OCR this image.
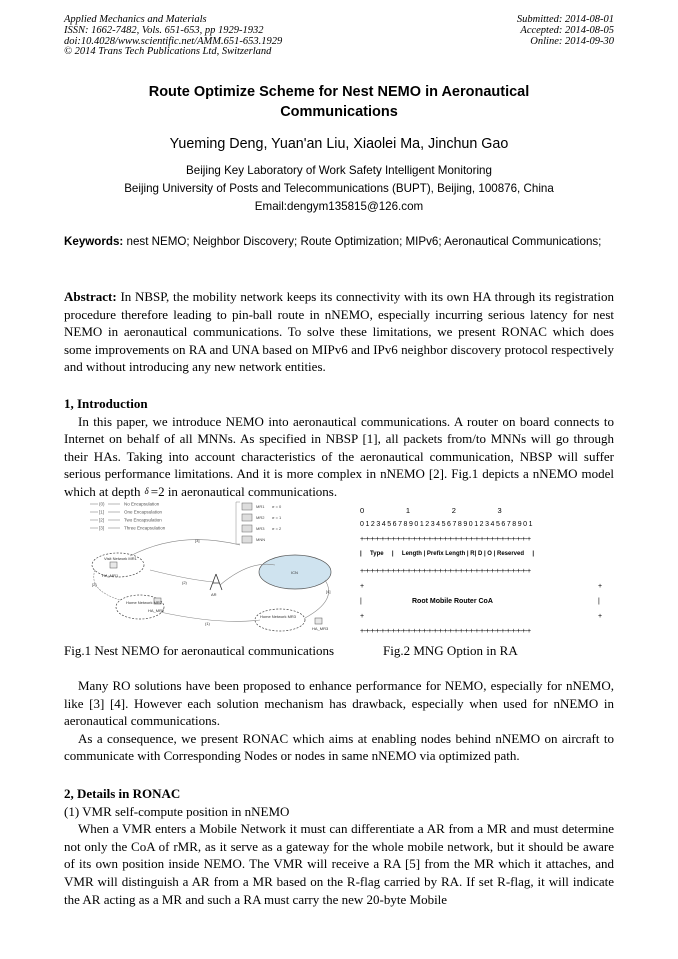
Applied Mechanics and Materials
ISSN: 1662-7482, Vols. 651-653, pp 1929-1932
doi:10.4028/www.scientific.net/AMM.651-653.1929
© 2014 Trans Tech Publications Ltd, Switzerland
Submitted: 2014-08-01
Accepted: 2014-08-05
Online: 2014-09-30
Route Optimize Scheme for Nest NEMO in Aeronautical
Communications
Yueming Deng, Yuan'an Liu, Xiaolei Ma, Jinchun Gao
Beijing Key Laboratory of Work Safety Intelligent Monitoring
Beijing University of Posts and Telecommunications (BUPT), Beijing, 100876, China
Email:dengym135815@126.com
Keywords: nest NEMO; Neighbor Discovery; Route Optimization; MIPv6; Aeronautical Communications;
Abstract: In NBSP, the mobility network keeps its connectivity with its own HA through its registration procedure therefore leading to pin-ball route in nNEMO, especially incurring serious latency for nest NEMO in aeronautical communications. To solve these limitations, we present RONAC which does some improvements on RA and UNA based on MIPv6 and IPv6 neighbor discovery protocol respectively and without introducing any new network entities.

1, Introduction

In this paper, we introduce NEMO into aeronautical communications. A router on board connects to Internet on behalf of all MNNs. As specified in NBSP [1], all packets from/to MNNs will go through their HAs. Taking into account characteristics of the aeronautical communication, NBSP will suffer serious performance limitations. And it is more complex in nNEMO [2]. Fig.1 depicts a nNEMO model which at depth δ =2 in aeronautical communications.

(0)	No Encapsulation
[1]	One Encapsulation
[2]	Two Encapsulation
[3]	Three Encapsulation
MR1 σ = 0
MR2 σ = 1
MR3 σ = 2
MNN
Visit Network MR1
HA_MR1
Home Network MR2
HA_MR2
AR
ICN
Home Network MR3
HA_MR3
[3]
[2]	(2)
[4]
(1)
0                    1                    2                    3
0 1 2 3 4 5 6 7 8 9 0 1 2 3 4 5 6 7 8 9 0 1 2 3 4 5 6 7 8 9 0 1
+-+-+-+-+-+-+-+-+-+-+-+-+-+-+-+-+-+-+-+-+-+-+-+-+-+-+-+-+-+-+-+-+
|     Type     |     Length | Prefix Length | R| D | O | Reserved     |
+-+-+-+-+-+-+-+-+-+-+-+-+-+-+-+-+-+-+-+-+-+-+-+-+-+-+-+-+-+-+-+-+
+	+
|	Root Mobile Router CoA	|
+	+
+-+-+-+-+-+-+-+-+-+-+-+-+-+-+-+-+-+-+-+-+-+-+-+-+-+-+-+-+-+-+-+-+
Fig.1 Nest NEMO for aeronautical communications	Fig.2 MNG Option in RA

Many RO solutions have been proposed to enhance performance for NEMO, especially for nNEMO, like [3] [4]. However each solution mechanism has drawback, especially when used for nNEMO in aeronautical communications.

As a consequence, we present RONAC which aims at enabling nodes behind nNEMO on aircraft to communicate with Corresponding Nodes or nodes in same nNEMO via optimized path.

2, Details in RONAC

(1) VMR self-compute position in nNEMO

When a VMR enters a Mobile Network it must can differentiate a AR from a MR and must determine not only the CoA of rMR, as it serve as a gateway for the whole mobile network, but it should be aware of its own position inside NEMO. The VMR will receive a RA [5] from the MR which it attaches, and VMR will distinguish a AR from a MR based on the R-flag carried by RA. If set R-flag, it will indicate the AR acting as a MR and such a RA must carry the new 20-byte Mobile
